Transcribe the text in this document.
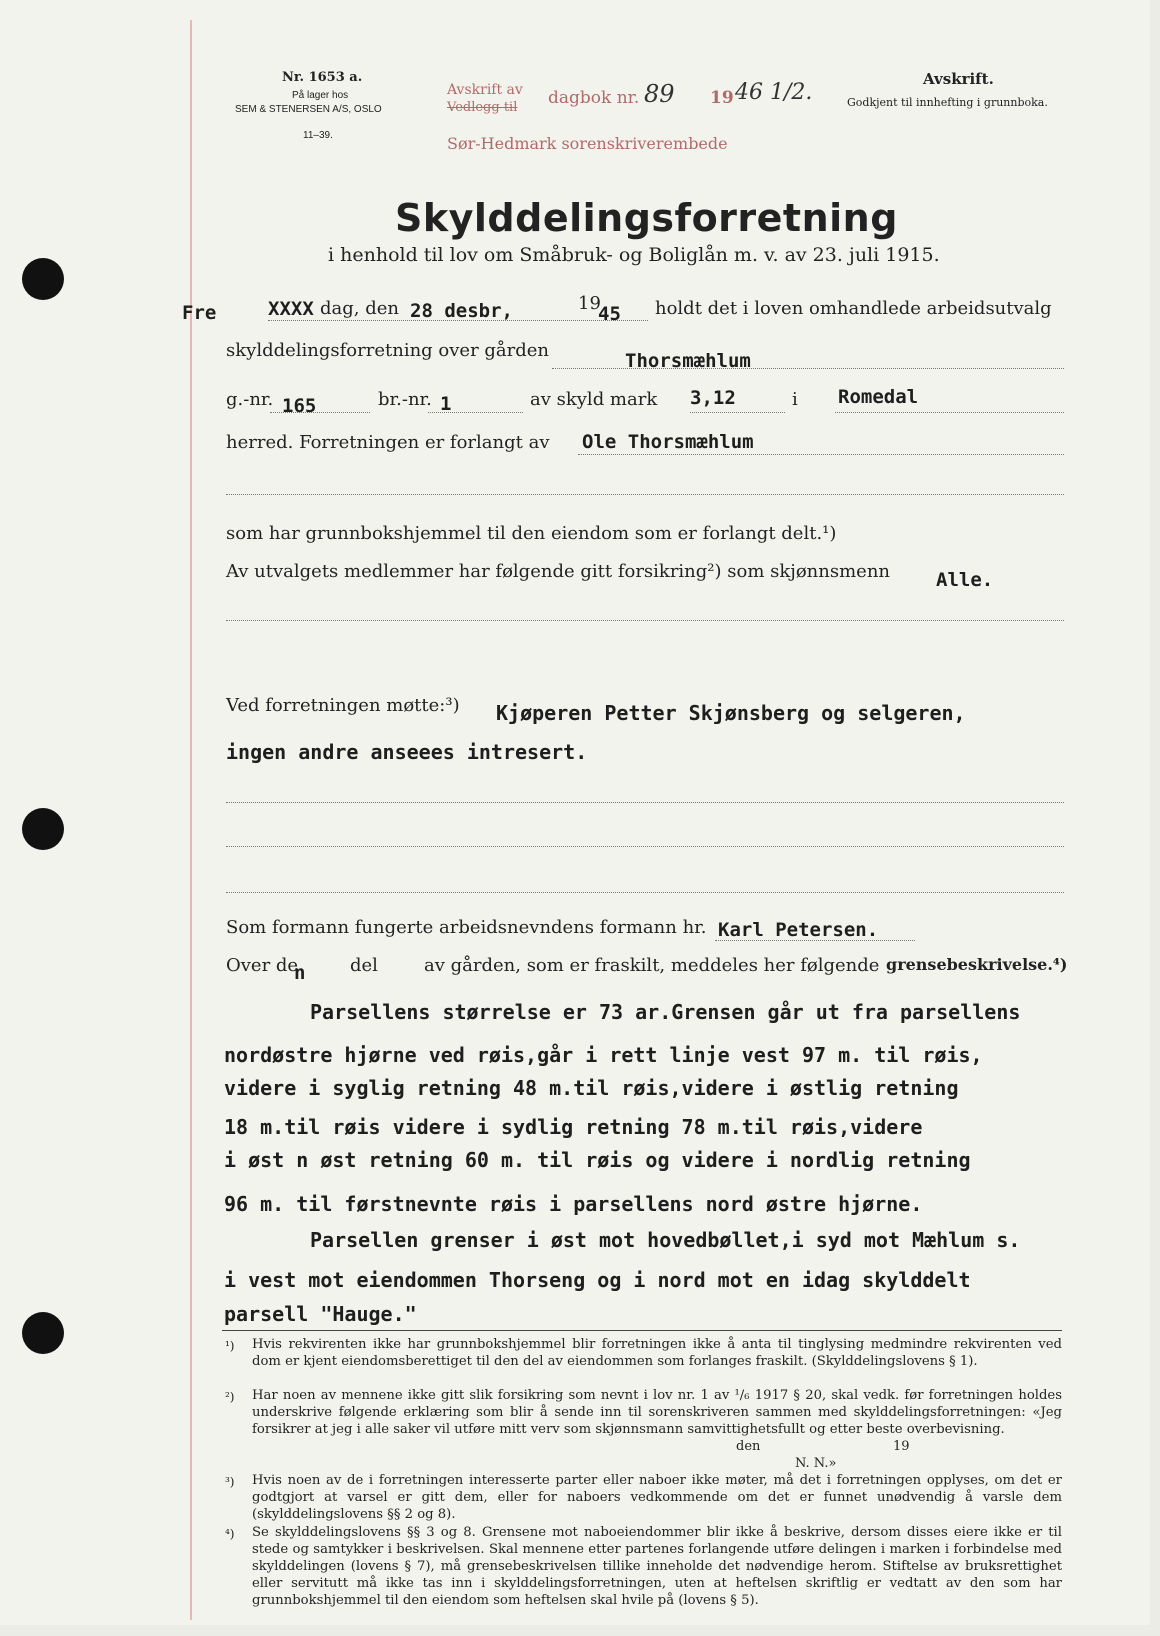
Nr. 1653 a.
På lager hos
SEM & STENERSEN A/S, OSLO
11–39.
Avskrift av
Vedlegg til dagbok nr. 89 19 46 1/2.
Sør-Hedmark sorenskriverembede
Avskrift.
Godkjent til innhefting i grunnboka.
Skylddelingsforretning
i henhold til lov om Småbruk- og Boliglån m. v. av 23. juli 1915.
Fre	XXXX dag, den 28 desbr,	19
45 holdt det i loven omhandlede arbeidsutvalg
skylddelingsforretning over gården	Thorsmæhlum
g.-nr. 165	br.-nr. 1	av skyld mark 3,12	i Romedal
herred. Forretningen er forlangt av Ole Thorsmæhlum
som har grunnbokshjemmel til den eiendom som er forlangt delt.¹)
Av utvalgets medlemmer har følgende gitt forsikring²) som skjønnsmenn Alle.
Ved forretningen møtte:³) Kjøperen Petter Skjønsberg og selgeren,
ingen andre anseees intresert.
Som formann fungerte arbeidsnevndens formann hr. Karl Petersen.
Over de
n del	av gården, som er fraskilt, meddeles her følgende grensebeskrivelse.⁴)
Parsellens størrelse er 73 ar.Grensen går ut fra parsellens
nordøstre hjørne ved røis,går i rett linje vest 97 m. til røis,
videre i syglig retning 48 m.til røis,videre i østlig retning
18 m.til røis videre i sydlig retning 78 m.til røis,videre
i øst n øst retning 60 m. til røis og videre i nordlig retning
96 m. til førstnevnte røis i parsellens nord østre hjørne.
Parsellen grenser i øst mot hovedbøllet,i syd mot Mæhlum s.
i vest mot eiendommen Thorseng og i nord mot en idag skylddelt
parsell "Hauge."
¹) Hvis rekvirenten ikke har grunnbokshjemmel blir forretningen ikke å anta til tinglysing medmindre rekvirenten ved dom er kjent eiendomsberettiget til den del av eiendommen som forlanges fraskilt. (Skylddelingslovens § 1).
²) Har noen av mennene ikke gitt slik forsikring som nevnt i lov nr. 1 av ¹/₆ 1917 § 20, skal vedk. før forretningen holdes underskrive følgende erklæring som blir å sende inn til sorenskriveren sammen med skylddelingsforretningen: «Jeg forsikrer at jeg i alle saker vil utføre mitt verv som skjønnsmann samvittighetsfullt og etter beste overbevisning.
den	19
N. N.»
³) Hvis noen av de i forretningen interesserte parter eller naboer ikke møter, må det i forretningen opplyses, om det er godtgjort at varsel er gitt dem, eller for naboers vedkommende om det er funnet unødvendig å varsle dem (skylddelingslovens §§ 2 og 8).
⁴) Se skylddelingslovens §§ 3 og 8. Grensene mot naboeiendommer blir ikke å beskrive, dersom disses eiere ikke er til stede og samtykker i beskrivelsen. Skal mennene etter partenes forlangende utføre delingen i marken i forbindelse med skylddelingen (lovens § 7), må grensebeskrivelsen tillike inneholde det nødvendige herom. Stiftelse av bruksrettighet eller servitutt må ikke tas inn i skylddelingsforretningen, uten at heftelsen skriftlig er vedtatt av den som har grunnbokshjemmel til den eiendom som heftelsen skal hvile på (lovens § 5).
